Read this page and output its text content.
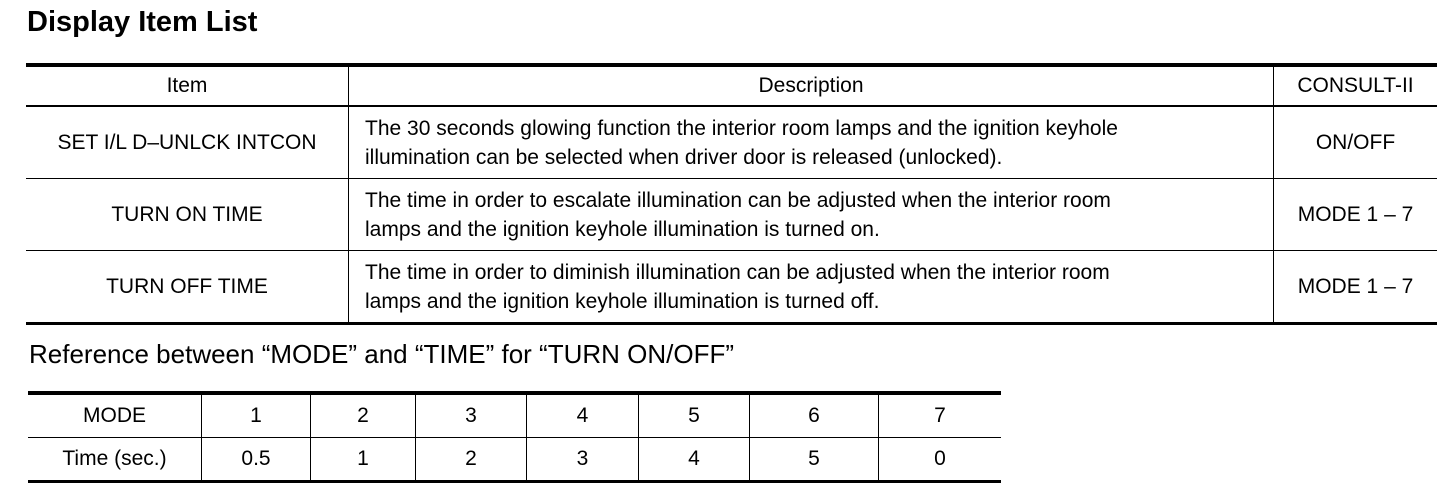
Display Item List
Item	Description	CONSULT-II
SET I/L D–UNLCK INTCON	The 30 seconds glowing function the interior room lamps and the ignition keyhole
illumination can be selected when driver door is released (unlocked).	ON/OFF
TURN ON TIME	The time in order to escalate illumination can be adjusted when the interior room
lamps and the ignition keyhole illumination is turned on.	MODE 1 – 7
TURN OFF TIME	The time in order to diminish illumination can be adjusted when the interior room
lamps and the ignition keyhole illumination is turned off.	MODE 1 – 7
Reference between “MODE” and “TIME” for “TURN ON/OFF”
MODE	1	2	3	4	5	6	7
Time (sec.)	0.5	1	2	3	4	5	0
